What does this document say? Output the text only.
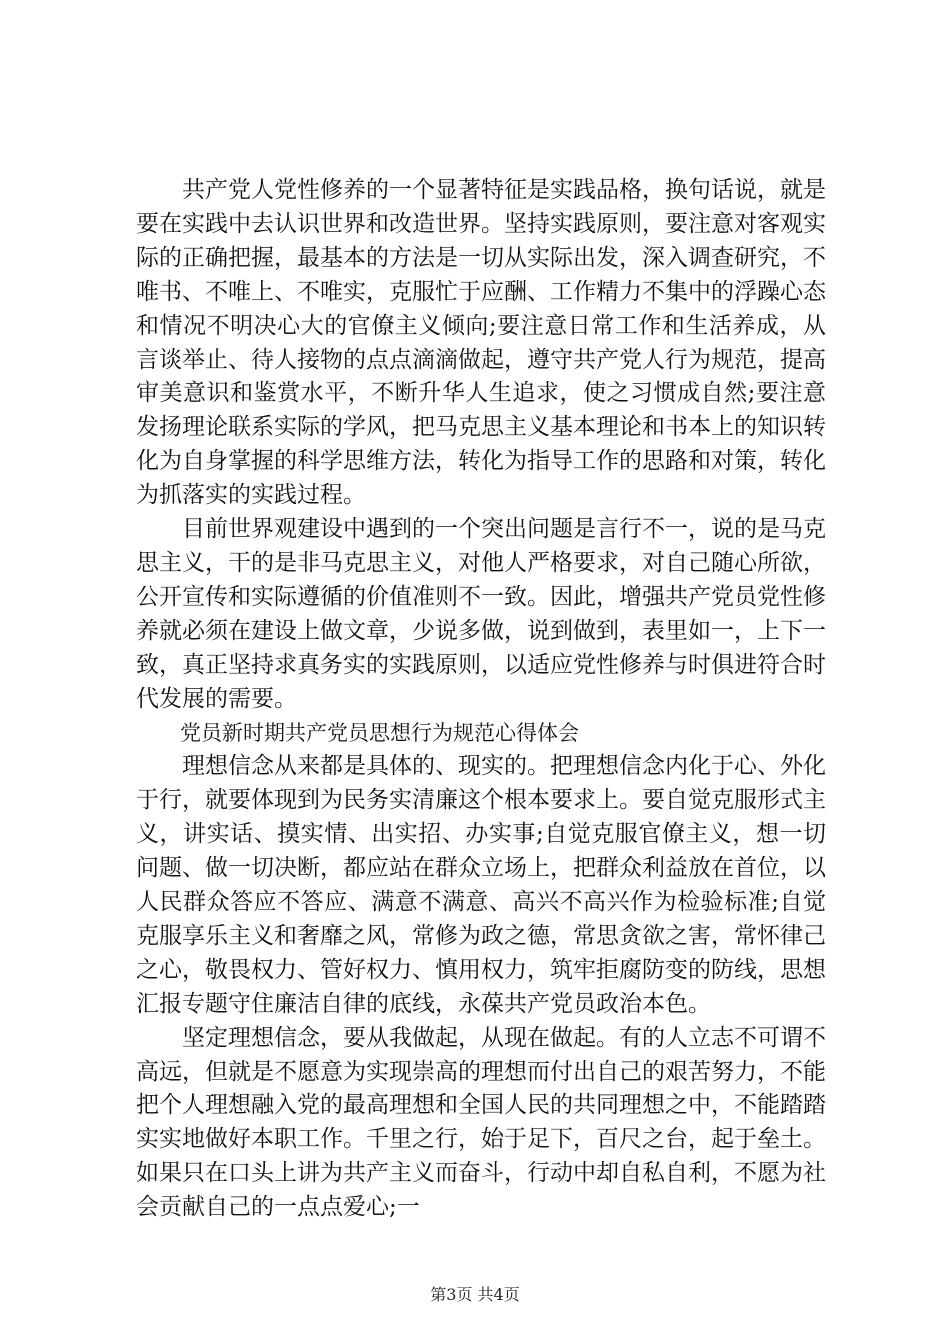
共产党人党性修养的一个显著特征是实践品格，换句话说，就是要在实践中去认识世界和改造世界。坚持实践原则，要注意对客观实际的正确把握，最基本的方法是一切从实际出发，深入调查研究，不唯书、不唯上、不唯实，克服忙于应酬、工作精力不集中的浮躁心态和情况不明决心大的官僚主义倾向;要注意日常工作和生活养成，从言谈举止、待人接物的点点滴滴做起，遵守共产党人行为规范，提高审美意识和鉴赏水平，不断升华人生追求，使之习惯成自然;要注意发扬理论联系实际的学风，把马克思主义基本理论和书本上的知识转化为自身掌握的科学思维方法，转化为指导工作的思路和对策，转化为抓落实的实践过程。

目前世界观建设中遇到的一个突出问题是言行不一，说的是马克思主义，干的是非马克思主义，对他人严格要求，对自己随心所欲，公开宣传和实际遵循的价值准则不一致。因此，增强共产党员党性修养就必须在建设上做文章，少说多做，说到做到，表里如一，上下一致，真正坚持求真务实的实践原则，以适应党性修养与时俱进符合时代发展的需要。

党员新时期共产党员思想行为规范心得体会

理想信念从来都是具体的、现实的。把理想信念内化于心、外化于行，就要体现到为民务实清廉这个根本要求上。要自觉克服形式主义，讲实话、摸实情、出实招、办实事;自觉克服官僚主义，想一切问题、做一切决断，都应站在群众立场上，把群众利益放在首位，以人民群众答应不答应、满意不满意、高兴不高兴作为检验标准;自觉克服享乐主义和奢靡之风，常修为政之德，常思贪欲之害，常怀律己之心，敬畏权力、管好权力、慎用权力，筑牢拒腐防变的防线，思想汇报专题守住廉洁自律的底线，永葆共产党员政治本色。

坚定理想信念，要从我做起，从现在做起。有的人立志不可谓不高远，但就是不愿意为实现崇高的理想而付出自己的艰苦努力，不能把个人理想融入党的最高理想和全国人民的共同理想之中，不能踏踏实实地做好本职工作。千里之行，始于足下，百尺之台，起于垒土。如果只在口头上讲为共产主义而奋斗，行动中却自私自利，不愿为社会贡献自己的一点点爱心;一

第3页 共4页
